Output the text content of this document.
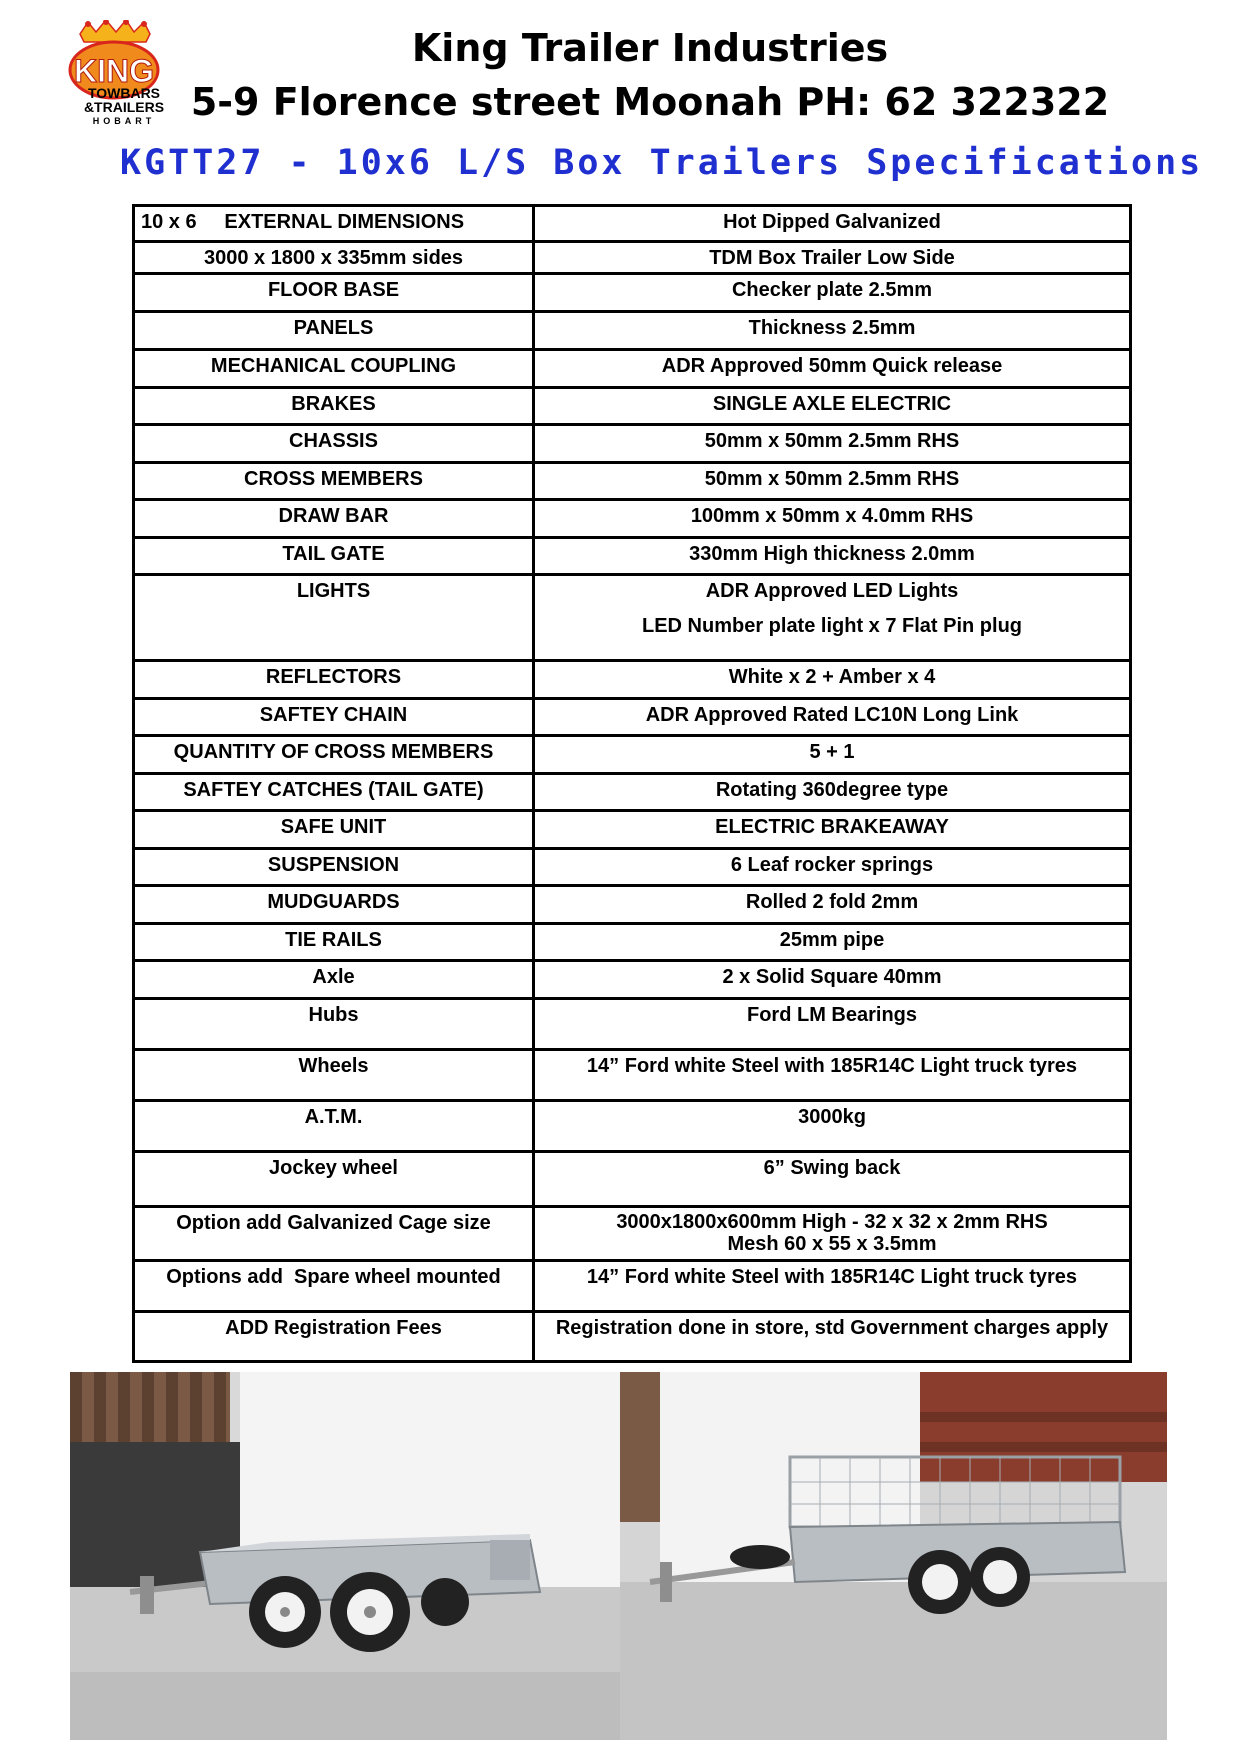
KING
TOWBARS
&TRAILERS
HOBART
King Trailer Industries
5-9 Florence street Moonah PH: 62 322322
KGTT27 - 10x6 L/S Box Trailers Specifications
10 x 6     EXTERNAL DIMENSIONS	Hot Dipped Galvanized
3000 x 1800 x 335mm sides	TDM Box Trailer Low Side
FLOOR BASE	Checker plate 2.5mm
PANELS	Thickness 2.5mm
MECHANICAL COUPLING	ADR Approved 50mm Quick release
BRAKES	SINGLE AXLE ELECTRIC
CHASSIS	50mm x 50mm 2.5mm RHS
CROSS MEMBERS	50mm x 50mm 2.5mm RHS
DRAW BAR	100mm x 50mm x 4.0mm RHS
TAIL GATE	330mm High thickness 2.0mm
LIGHTS	ADR Approved LED Lights
LED Number plate light x 7 Flat Pin plug

REFLECTORS	White x 2 + Amber x 4
SAFTEY CHAIN	ADR Approved Rated LC10N Long Link
QUANTITY OF CROSS MEMBERS	5 + 1
SAFTEY CATCHES (TAIL GATE)	Rotating 360degree type
SAFE UNIT	ELECTRIC BRAKEAWAY
SUSPENSION	6 Leaf rocker springs
MUDGUARDS	Rolled 2 fold 2mm
TIE RAILS	25mm pipe
Axle	2 x Solid Square 40mm
Hubs	Ford LM Bearings
Wheels	14” Ford white Steel with 185R14C Light truck tyres
A.T.M.	3000kg
Jockey wheel	6” Swing back
Option add Galvanized Cage size	3000x1800x600mm High - 32 x 32 x 2mm RHS
Mesh 60 x 55 x 3.5mm

Options add  Spare wheel mounted	14” Ford white Steel with 185R14C Light truck tyres
ADD Registration Fees	Registration done in store, std Government charges apply
